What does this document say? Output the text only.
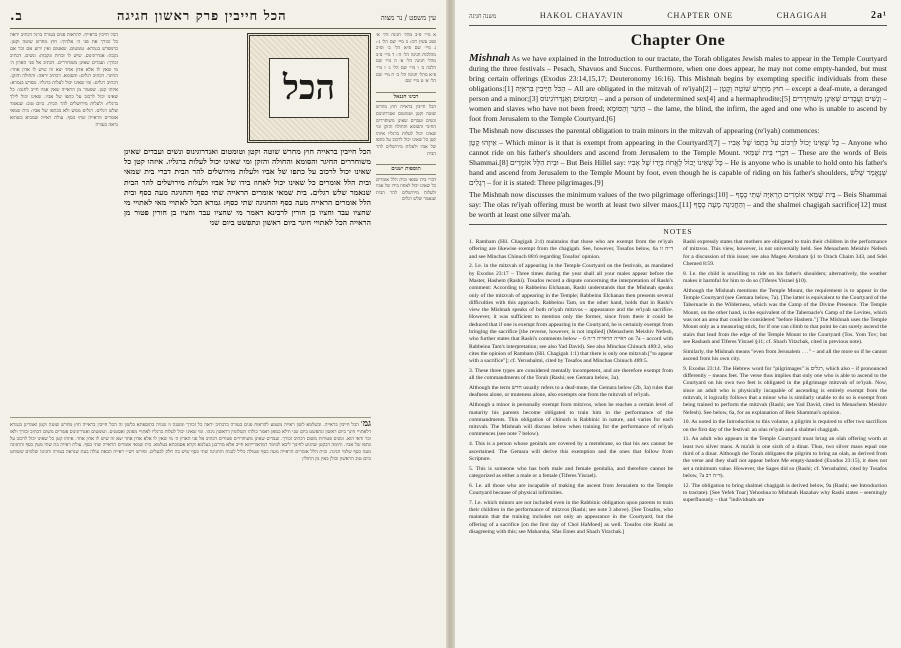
עין משפט / נר מצוה
הכל חייבין פרק ראשון חגיגה
ב.
א מיי׳ פ״ב מהל׳ חגיגה הל׳ א׳ סמג עשין רכז: ב מיי׳ שם הל׳ ג׳: ג מיי׳ שם פ״א הל׳ ב׳ ופ״ב מהלכות חגיגה הל׳ ה׳: ד מיי׳ פ״ב מהל׳ חגיגה הל׳ א׳ ה מיי׳ שם הלכה ב׳ ו מיי׳ שם הל׳ ג׳ ז מיי׳ פ״א מהל׳ חגיגה הל׳ ב׳ ח מיי׳ שם הל׳ א׳ ט מיי׳ שם
רבינו חננאל
הכל חייבין בראייה חוץ מחרש שוטה וקטן וטומטום ואנדרוגינוס ונשים ועבדים שאינן משוחררים החיגר והסומא והחולה והזקן ומי שאינו יכול לעלות ברגליו איזהו קטן כל שאינו יכול לרכוב על כתפו של אביו ולעלות מירושלים להר הבית
תוספות ישנים
דברי בית שמאי ובית הלל אומרים כל שאינו יכול לאחוז בידו של אביו ולעלות מירושלים להר הבית שנאמר שלש רגלים
הכל
הכל חייבין בראייה חוץ מחרש שוטה וקטן וטומטום ואנדרוגינוס ונשים ועבדים שאינן משוחררים החיגר והסומא והחולה והזקן ומי שאינו יכול לעלות ברגליו. איזהו קטן כל שאינו יכול לרכוב על כתפו של אביו ולעלות מירושלים להר הבית דברי בית שמאי ובית הלל אומרים כל שאינו יכול לאחוז בידו של אביו ולעלות מירושלים להר הבית שנאמר שלש רגלים. בית שמאי אומרים הראייה שתי כסף והחגיגה מעה כסף ובית הלל אומרים הראייה מעה כסף והחגיגה שתי כסף: גמרא הכל לאתויי מאי לאתויי מי שחציו עבד וחציו בן חורין לרבינא דאמר מי שחציו עבד וחציו בן חורין פטור מן הראייה הכל לאתויי חיגר ביום ראשון ונתפשט ביום שני
הכל חייבין בראייה. להראות פנים בעזרה ברגל דכתיב יראה כל זכורך את פני ה׳ אלהיך: חוץ מחרש שוטה וקטן. כדמפרש בגמרא: טומטום. שאטום ואין ידוע אם זכר אם נקבה: אנדרוגינוס. שיש לו זכרות ונקבות: ונשים. דכתיב זכורך: ועבדים שאינן משוחררים. דכתיב אל פני האדון ה׳ מי שאין לו אלא אדון אחד יצא זה שיש לו אדון אחר: החיגר. דכתיב רגלים: והסומא. דכתיב יראה: והחולה והזקן. דכתיב רגלים: ומי שאינו יכול לעלות ברגליו. מפרש בגמרא: איזהו קטן. שפטור מן הראייה שאין אביו חייב לחנכו: כל שאינו יכול לרכוב על כתפו של אביו. שאינו יכול לילך ברגליו: ולעלות מירושלים להר הבית. ביום טוב: שנאמר שלש רגלים. רגלים ממש ולא בכתפו של אביו: בית שמאי אומרים הראייה שתי כסף. עולת ראייה שמביא כשהוא נראה בעזרה
גמ׳ הכל חייבין בראייה. ובשלמא לשון ראייה משמע להראות פנים בעזרה כדכתיב יראה כל זכורך ומשנה זו שנויה בתוספתא בלשון זה הכל חייבין בראייה חוץ מחרש שוטה וקטן ואמרינן בגמרא דלאתויי חיגר ביום ראשון ונתפשט ביום שני ודלא כמאן דאמר כולהו תשלומין דראשון נינהו. ומי שאינו יכול לעלות ברגליו לאתויי מפונק ואסטניס. וטומטום ואנדרוגינוס פטורים משום דכתיב זכורך ולאו זכר ודאי הוא. ונשים פטורות משום דכתיב זכורך. ועבדים שאינן משוחררים פטורים דכתיב אל פני האדון ה׳ מי שאין לו אלא אדון אחד יצא זה שיש לו אדון אחר. איזהו קטן כל שאינו יכול לרכוב על כתפו של אביו. ותימה דבקטן שהגיע לחינוך ליכא למימר דמדאורייתא חייב אלא מדרבנן בעלמא וקרא אסמכתא בעלמא. בית שמאי אומרים הראייה שתי כסף. עולת ראייה בת שתי מעין כסף והחגיגה מעה כסף שלמי חגיגה. ובית הלל אומרים הראייה מעה כסף שעולה כליל לגבוה והחגיגה שתי כסף שיש בה חלק לבעלים. ופירש רש״י ראייה הבאת עולה בעת שנראה בעזרה וחגיגה שלמים ששוחט ביום טוב הראשון וכולן באין מן החולין
משנה חגיגה	HAKOL CHAYAVIN	CHAPTER ONE	CHAGIGAH	2a¹
Chapter One

Mishnah As we have explained in the Introduction to our tractate, the Torah obligates Jewish males to appear in the Temple Courtyard during the three festivals – Pesach, Shavuos and Succos. Furthermore, when one does appear, he may not come empty-handed, but must bring certain offerings (Exodus 23:14,15,17; Deuteronomy 16:16). This Mishnah begins by exempting specific individuals from these obligations:[1] הַכֹּל חַיָּיבִין בִּרְאִיָּה – All are obligated in the mitzvah of re'iyah[2] – חוּץ מֵחֵרֵשׁ שׁוֹטֶה וְקָטָן – except a deaf-mute, a deranged person and a minor;[3] וְטוּמְטוּם וְאַנְדְּרוֹגִינוֹס – and a person of undetermined sex[4] and a hermaphrodite;[5] וְנָשִׁים וַעֲבָדִים שֶׁאֵינָן מְשׁוּחְרָרִים – women and slaves who have not been freed; הַחִגֵּר וְהַסּוּמָא – the lame, the blind, the infirm, the aged and one who is unable to ascend by foot from Jerusalem to the Temple Courtyard.[6]

The Mishnah now discusses the parental obligation to train minors in the mitzvah of appearing (re'iyah) commences:

אֵיזֶהוּ קָטָן – Which minor is it that is exempt from appearing in the Courtyard?[7] – כָּל שֶׁאֵינוֹ יָכוֹל לִרְכּוֹב עַל כְּתֵפוֹ שֶׁל אָבִיו – Anyone who cannot ride on his father's shoulders and ascend from Jerusalem to the Temple Mount. דִּבְרֵי בֵּית שַׁמַּאי – These are the words of Beis Shammai.[8] וּבֵית הִלֵּל אוֹמְרִים – But Beis Hillel say: כָּל שֶׁאֵינוֹ יָכוֹל לֶאֱחוֹז בְּיָדוֹ שֶׁל אָבִיו – He is anyone who is unable to hold onto his father's hand and ascend from Jerusalem to the Temple Mount by foot, even though he is capable of riding on his father's shoulders, שֶׁנֶּאֱמַר שָׁלֹשׁ רְגָלִים – for it is stated: Three pilgrimages.[9]

The Mishnah now discusses the minimum values of the two pilgrimage offerings:[10] – בֵּית שַׁמַּאי אוֹמְרִים הָרְאִיָּה שְׁתֵּי כֶסֶף – Beis Shammai say: The olas re'iyah offering must be worth at least two silver maos,[11] וְהַחֲגִיגָה מָעָה כֶסֶף – and the shalmei chagigah sacrifice[12] must be worth at least one silver ma'ah.

NOTES

1. Rambam (Hil. Chagigah 2:4) maintains that those who are exempt from the re'iyah offering are likewise exempt from the chagigah. See, however, Tosafos below, 6a ד״ה זו and see Minchas Chinuch 88:6 regarding Tosafos' opinion.

2. I.e. in the mitzvah of appearing in the Temple Courtyard on the festivals, as mandated by Exodus 23:17 – Three times during the year shall all your males appear before the Master, Hashem (Rashi). Tosafos record a dispute concerning the interpretation of Rashi's comment: According to Rabbeinu Elchanan, Rashi understands that the Mishnah speaks only of the mitzvah of appearing in the Temple; Rabbeinu Elchanan then presents several difficulties with this approach. Rabbeinu Tam, on the other hand, holds that in Rashi's view the Mishnah speaks of both re'iyah mitzvos – appearance and the re'iyah sacrifice. However, it was sufficient to mention only the former, since from there it could be deduced that if one is exempt from appearing in the Courtyard, he is certainly exempt from bringing the sacrifice [the reverse, however, is not implied] (Menachem Meishiv Nefesh, who further states that Rashi's comments below – ראייה הראייה ד״ה 6 on 7a – accord with Rabbeinu Tam's interpretation; see also Yad David). See also Minchas Chinuch 489:2, who cites the opinion of Rambam (Hil. Chagigah 1:1) that there is only one mitzvah ["to appear with a sacrifice"]; cf. Yerushalmi, cited by Tosafos and Minchas Chinuch 489:5.

3. These three types are considered mentally incompetent, and are therefore exempt from all the commandments of the Torah (Rashi; see Gemara below, 3a).

Although the term חרש usually refers to a deaf-mute, the Gemara below (2b, 3a) rules that deafness alone, or muteness alone, also exempts one from the mitzvah of re'iyah.

Although a minor is personally exempt from mitzvos, when he reaches a certain level of maturity his parents become obligated to train him in the performance of the commandments. This obligation of chinuch is Rabbinic in nature, and varies for each mitzvah. The Mishnah will discuss below when training for the performance of re'iyah commences (see note 7 below).

4. This is a person whose genitals are covered by a membrane, so that his sex cannot be ascertained. The Gemara will derive this exemption and the ones that follow from Scripture.

5. This is someone who has both male and female genitalia, and therefore cannot be categorized as either a male or a female (Tiferes Yisrael).

6. I.e. all those who are incapable of making the ascent from Jerusalem to the Temple Courtyard because of physical infirmities.

7. I.e. which minors are not included even in the Rabbinic obligation upon parents to train their children in the performance of mitzvos (Rashi; see note 3 above). [See Tosafos, who maintain that the training includes not only an appearance in the Courtyard, but the offering of a sacrifice [on the first day of Chol HaMoed] as well. Tosafos cite Rashi as disagreeing with this; see Maharsha, Sfas Emes and Shach Yitzchak.]

Rashi expressly states that mothers are obligated to train their children in the performance of mitzvos. This view, however, is not universally held. See Menachem Meishiv Nefesh for a discussion of this issue; see also Magen Avraham §1 to Orach Chaim 343, and Sdei Chemed 8:59.

8. I.e. the child is unwilling to ride on his father's shoulders; alternatively, the weather makes it harmful for him to do so (Tiferes Yisrael §10).

Although the Mishnah mentions the Temple Mount, the requirement is to appear in the Temple Courtyard (see Gemara below, 7a). [The latter is equivalent to the Courtyard of the Tabernacle in the Wilderness, which was the Camp of the Divine Presence. The Temple Mount, on the other hand, is the equivalent of the Tabernacle's Camp of the Levites, which was not an area that could be considered "before Hashem."] The Mishnah uses the Temple Mount only as a measuring stick, for if one can climb to that point he can surely ascend the stairs that lead from the edge of the Temple Mount to the Courtyard (Tos. Yom Tov; but see Rashash and Tiferes Yisrael §11; cf. Shach Yitzchak, cited in previous note).

Similarly, the Mishnah means "even from Jerusalem . . ." – and all the more so if he cannot ascend from his own city.

9. Exodus 23:14. The Hebrew word for "pilgrimages" is רגלים, which also – if pronounced differently – means feet. The verse thus implies that only one who is able to ascend to the Courtyard on his own two feet is obligated in the pilgrimage mitzvah of re'iyah. Now, since an adult who is physically incapable of ascending is entirely exempt from the mitzvah, it logically follows that a minor who is similarly unable to do so is exempt from being trained to perform the mitzvah (Rashi; see Yad David, cited in Menachem Meishiv Nefesh). See below, 6a, for an explanation of Beis Shammai's opinion.

10. As noted in the Introduction to this volume, a pilgrim is required to offer two sacrifices on the first day of the festival: an olas re'iyah and a shalmei chagigah.

11. An adult who appears in the Temple Courtyard must bring an olah offering worth at least two silver maos. A ma'ah is one sixth of a dinar. Thus, two silver maos equal one third of a dinar. Although the Torah obligates the pilgrim to bring an olah, as derived from the verse and they shall not appear before Me empty-handed (Exodus 23:15), it does not set a minimum value. However, the Sages did so (Rashi; cf. Yerushalmi, cited by Tosafos below, 7a ד״ה רב).

12. The obligation to bring shalmei chagigah is derived below, 9a (Rashi; see Introduction to tractate). [See Yefeh Toar] Yehoshua to Mishnah Hazahav why Rashi states – seemingly superfluously – that "individuals are
